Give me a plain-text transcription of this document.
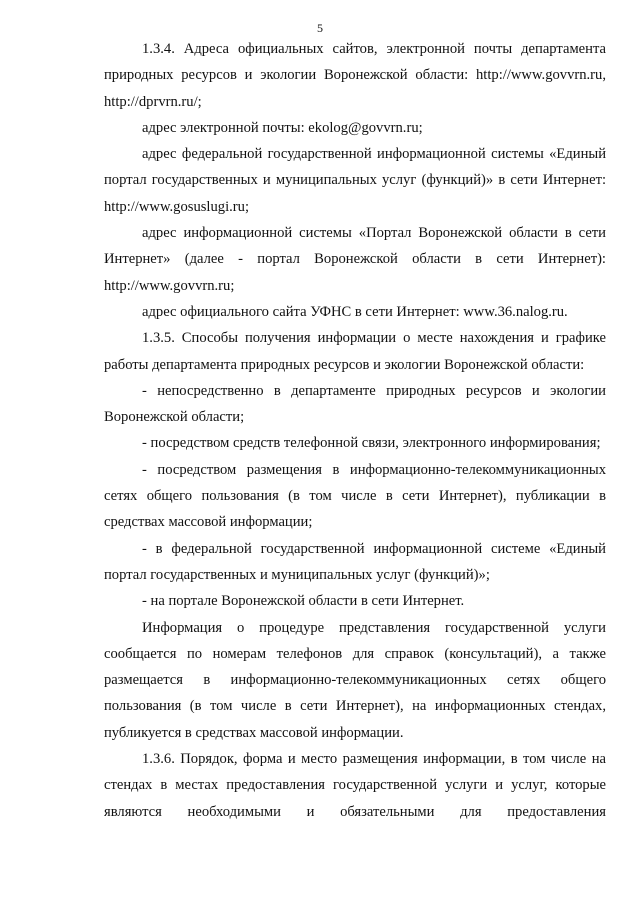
5

1.3.4. Адреса официальных сайтов, электронной почты департамента природных ресурсов и экологии Воронежской области: http://www.govvrn.ru, http://dprvrn.ru/;

адрес электронной почты: ekolog@govvrn.ru;

адрес федеральной государственной информационной системы «Единый портал государственных и муниципальных услуг (функций)» в сети Интернет: http://www.gosuslugi.ru;

адрес информационной системы «Портал Воронежской области в сети Интернет» (далее - портал Воронежской области в сети Интернет): http://www.govvrn.ru;

адрес официального сайта УФНС в сети Интернет: www.36.nalog.ru.

1.3.5. Способы получения информации о месте нахождения и графике работы департамента природных ресурсов и экологии Воронежской области:

- непосредственно в департаменте природных ресурсов и экологии Воронежской области;

- посредством средств телефонной связи, электронного информирования;

- посредством размещения в информационно-телекоммуникационных сетях общего пользования (в том числе в сети Интернет), публикации в средствах массовой информации;

- в федеральной государственной информационной системе «Единый портал государственных и муниципальных услуг (функций)»;

- на портале Воронежской области в сети Интернет.

Информация о процедуре представления государственной услуги сообщается по номерам телефонов для справок (консультаций), а также размещается в информационно-телекоммуникационных сетях общего пользования (в том числе в сети Интернет), на информационных стендах, публикуется в средствах массовой информации.

1.3.6. Порядок, форма и место размещения информации, в том числе на стендах в местах предоставления государственной услуги и услуг, которые являются необходимыми и обязательными для предоставления
